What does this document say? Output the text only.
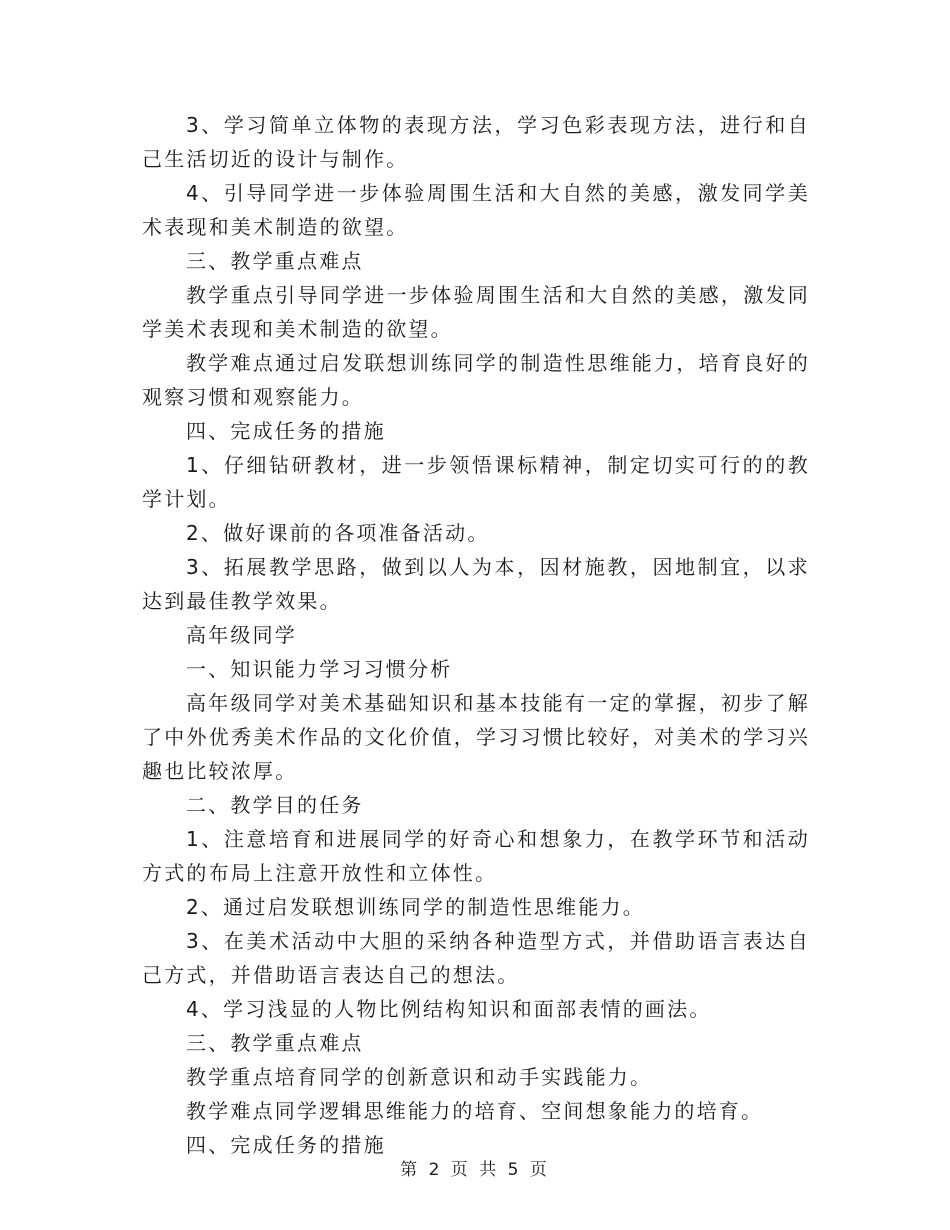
3、学习简单立体物的表现方法，学习色彩表现方法，进行和自己生活切近的设计与制作。

4、引导同学进一步体验周围生活和大自然的美感，激发同学美术表现和美术制造的欲望。

三、教学重点难点

教学重点引导同学进一步体验周围生活和大自然的美感，激发同学美术表现和美术制造的欲望。

教学难点通过启发联想训练同学的制造性思维能力，培育良好的观察习惯和观察能力。

四、完成任务的措施

1、仔细钻研教材，进一步领悟课标精神，制定切实可行的的教学计划。

2、做好课前的各项准备活动。

3、拓展教学思路，做到以人为本，因材施教，因地制宜，以求达到最佳教学效果。

高年级同学

一、知识能力学习习惯分析

高年级同学对美术基础知识和基本技能有一定的掌握，初步了解了中外优秀美术作品的文化价值，学习习惯比较好，对美术的学习兴趣也比较浓厚。

二、教学目的任务

1、注意培育和进展同学的好奇心和想象力，在教学环节和活动方式的布局上注意开放性和立体性。

2、通过启发联想训练同学的制造性思维能力。

3、在美术活动中大胆的采纳各种造型方式，并借助语言表达自己方式，并借助语言表达自己的想法。

4、学习浅显的人物比例结构知识和面部表情的画法。

三、教学重点难点

教学重点培育同学的创新意识和动手实践能力。

教学难点同学逻辑思维能力的培育、空间想象能力的培育。

四、完成任务的措施

第 2 页 共 5 页
